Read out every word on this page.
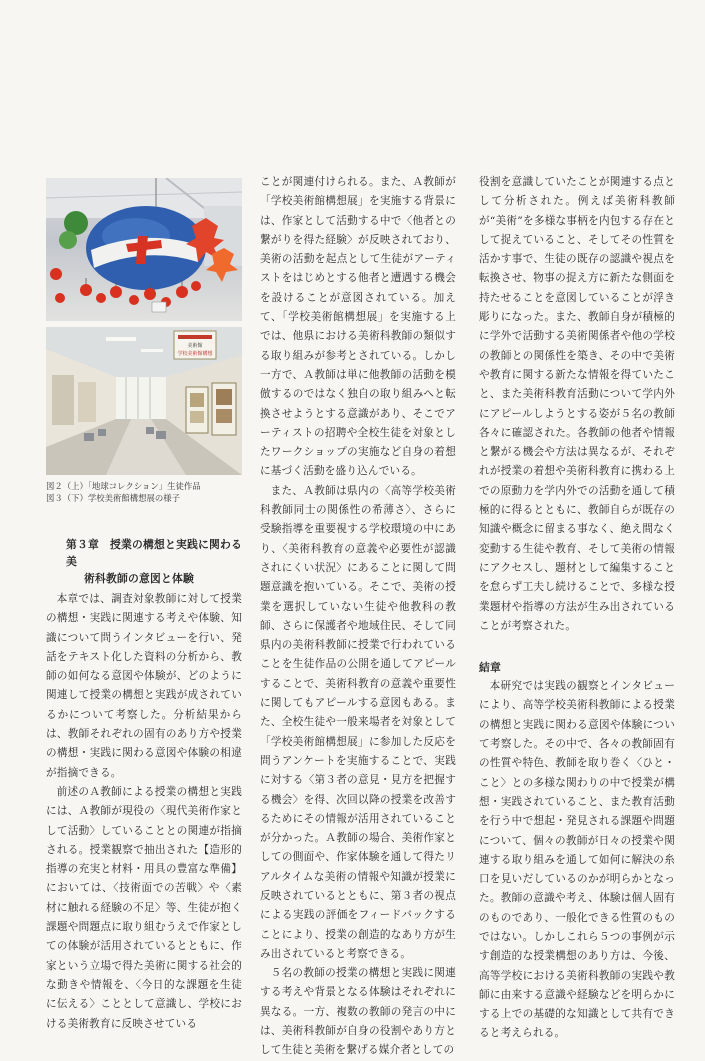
美術館
学校美術館構想
図２（上）「地球コレクション」生徒作品
図３（下）学校美術館構想展の様子
第３章　授業の構想と実践に関わる美
術科教師の意図と体験

本章では、調査対象教師に対して授業の構想・実践に関連する考えや体験、知識について問うインタビューを行い、発話をテキスト化した資料の分析から、教師の如何なる意図や体験が、どのように関連して授業の構想と実践が成されているかについて考察した。分析結果からは、教師それぞれの固有のあり方や授業の構想・実践に関わる意図や体験の相違が指摘できる。

前述のＡ教師による授業の構想と実践には、Ａ教師が現役の〈現代美術作家として活動〉していることとの関連が指摘される。授業観察で抽出された【造形的指導の充実と材料・用具の豊富な準備】においては、〈技術面での苦戦〉や〈素材に触れる経験の不足〉等、生徒が抱く課題や問題点に取り組むうえで作家としての体験が活用されているとともに、作家という立場で得た美術に関する社会的な動きや情報を、〈今日的な課題を生徒に伝える〉こととして意識し、学校における美術教育に反映させている

ことが関連付けられる。また、Ａ教師が「学校美術館構想展」を実施する背景には、作家として活動する中で〈他者との繋がりを得た経験〉が反映されており、美術の活動を起点として生徒がアーティストをはじめとする他者と遭遇する機会を設けることが意図されている。加えて、「学校美術館構想展」を実施する上では、他県における美術科教師の類似する取り組みが参考とされている。しかし一方で、Ａ教師は単に他教師の活動を模倣するのではなく独自の取り組みへと転換させようとする意識があり、そこでアーティストの招聘や全校生徒を対象としたワークショップの実施など自身の着想に基づく活動を盛り込んでいる。

また、Ａ教師は県内の〈高等学校美術科教師同士の関係性の希薄さ〉、さらに受験指導を重要視する学校環境の中にあり、〈美術科教育の意義や必要性が認識されにくい状況〉にあることに関して問題意識を抱いている。そこで、美術の授業を選択していない生徒や他教科の教師、さらに保護者や地域住民、そして同県内の美術科教師に授業で行われていることを生徒作品の公開を通してアピールすることで、美術科教育の意義や重要性に関してもアピールする意図もある。また、全校生徒や一般来場者を対象として「学校美術館構想展」に参加した反応を問うアンケートを実施することで、実践に対する〈第３者の意見・見方を把握する機会〉を得、次回以降の授業を改善するためにその情報が活用されていることが分かった。Ａ教師の場合、美術作家としての側面や、作家体験を通して得たリアルタイムな美術の情報や知識が授業に反映されているとともに、第３者の視点による実践の評価をフィードバックすることにより、授業の創造的なあり方が生み出されていると考察できる。

５名の教師の授業の構想と実践に関連する考えや背景となる体験はそれぞれに異なる。一方、複数の教師の発言の中には、美術科教師が自身の役割やあり方として生徒と美術を繋げる媒介者としての

役割を意識していたことが関連する点として分析された。例えば美術科教師が“美術”を多様な事柄を内包する存在として捉えていること、そしてその性質を活かす事で、生徒の既存の認識や視点を転換させ、物事の捉え方に新たな側面を持たせることを意図していることが浮き彫りになった。また、教師自身が積極的に学外で活動する美術関係者や他の学校の教師との関係性を築き、その中で美術や教育に関する新たな情報を得ていたこと、また美術科教育活動について学内外にアピールしようとする姿が５名の教師各々に確認された。各教師の他者や情報と繋がる機会や方法は異なるが、それぞれが授業の着想や美術科教育に携わる上での原動力を学内外での活動を通して積極的に得るとともに、教師自らが既存の知識や概念に留まる事なく、絶え間なく変動する生徒や教育、そして美術の情報にアクセスし、題材として編集することを怠らず工夫し続けることで、多様な授業題材や指導の方法が生み出されていることが考察された。

結章

本研究では実践の観察とインタビューにより、高等学校美術科教師による授業の構想と実践に関わる意図や体験について考察した。その中で、各々の教師固有の性質や特色、教師を取り巻く〈ひと・こと〉との多様な関わりの中で授業が構想・実践されていること、また教育活動を行う中で想起・発見される課題や問題について、個々の教師が日々の授業や関連する取り組みを通して如何に解決の糸口を見いだしているのかが明らかとなった。教師の意識や考え、体験は個人固有のものであり、一般化できる性質のものではない。しかしこれら５つの事例が示す創造的な授業構想のあり方は、今後、高等学校における美術科教師の実践や教師に由来する意識や経験などを明らかにする上での基礎的な知識として共有できると考えられる。
